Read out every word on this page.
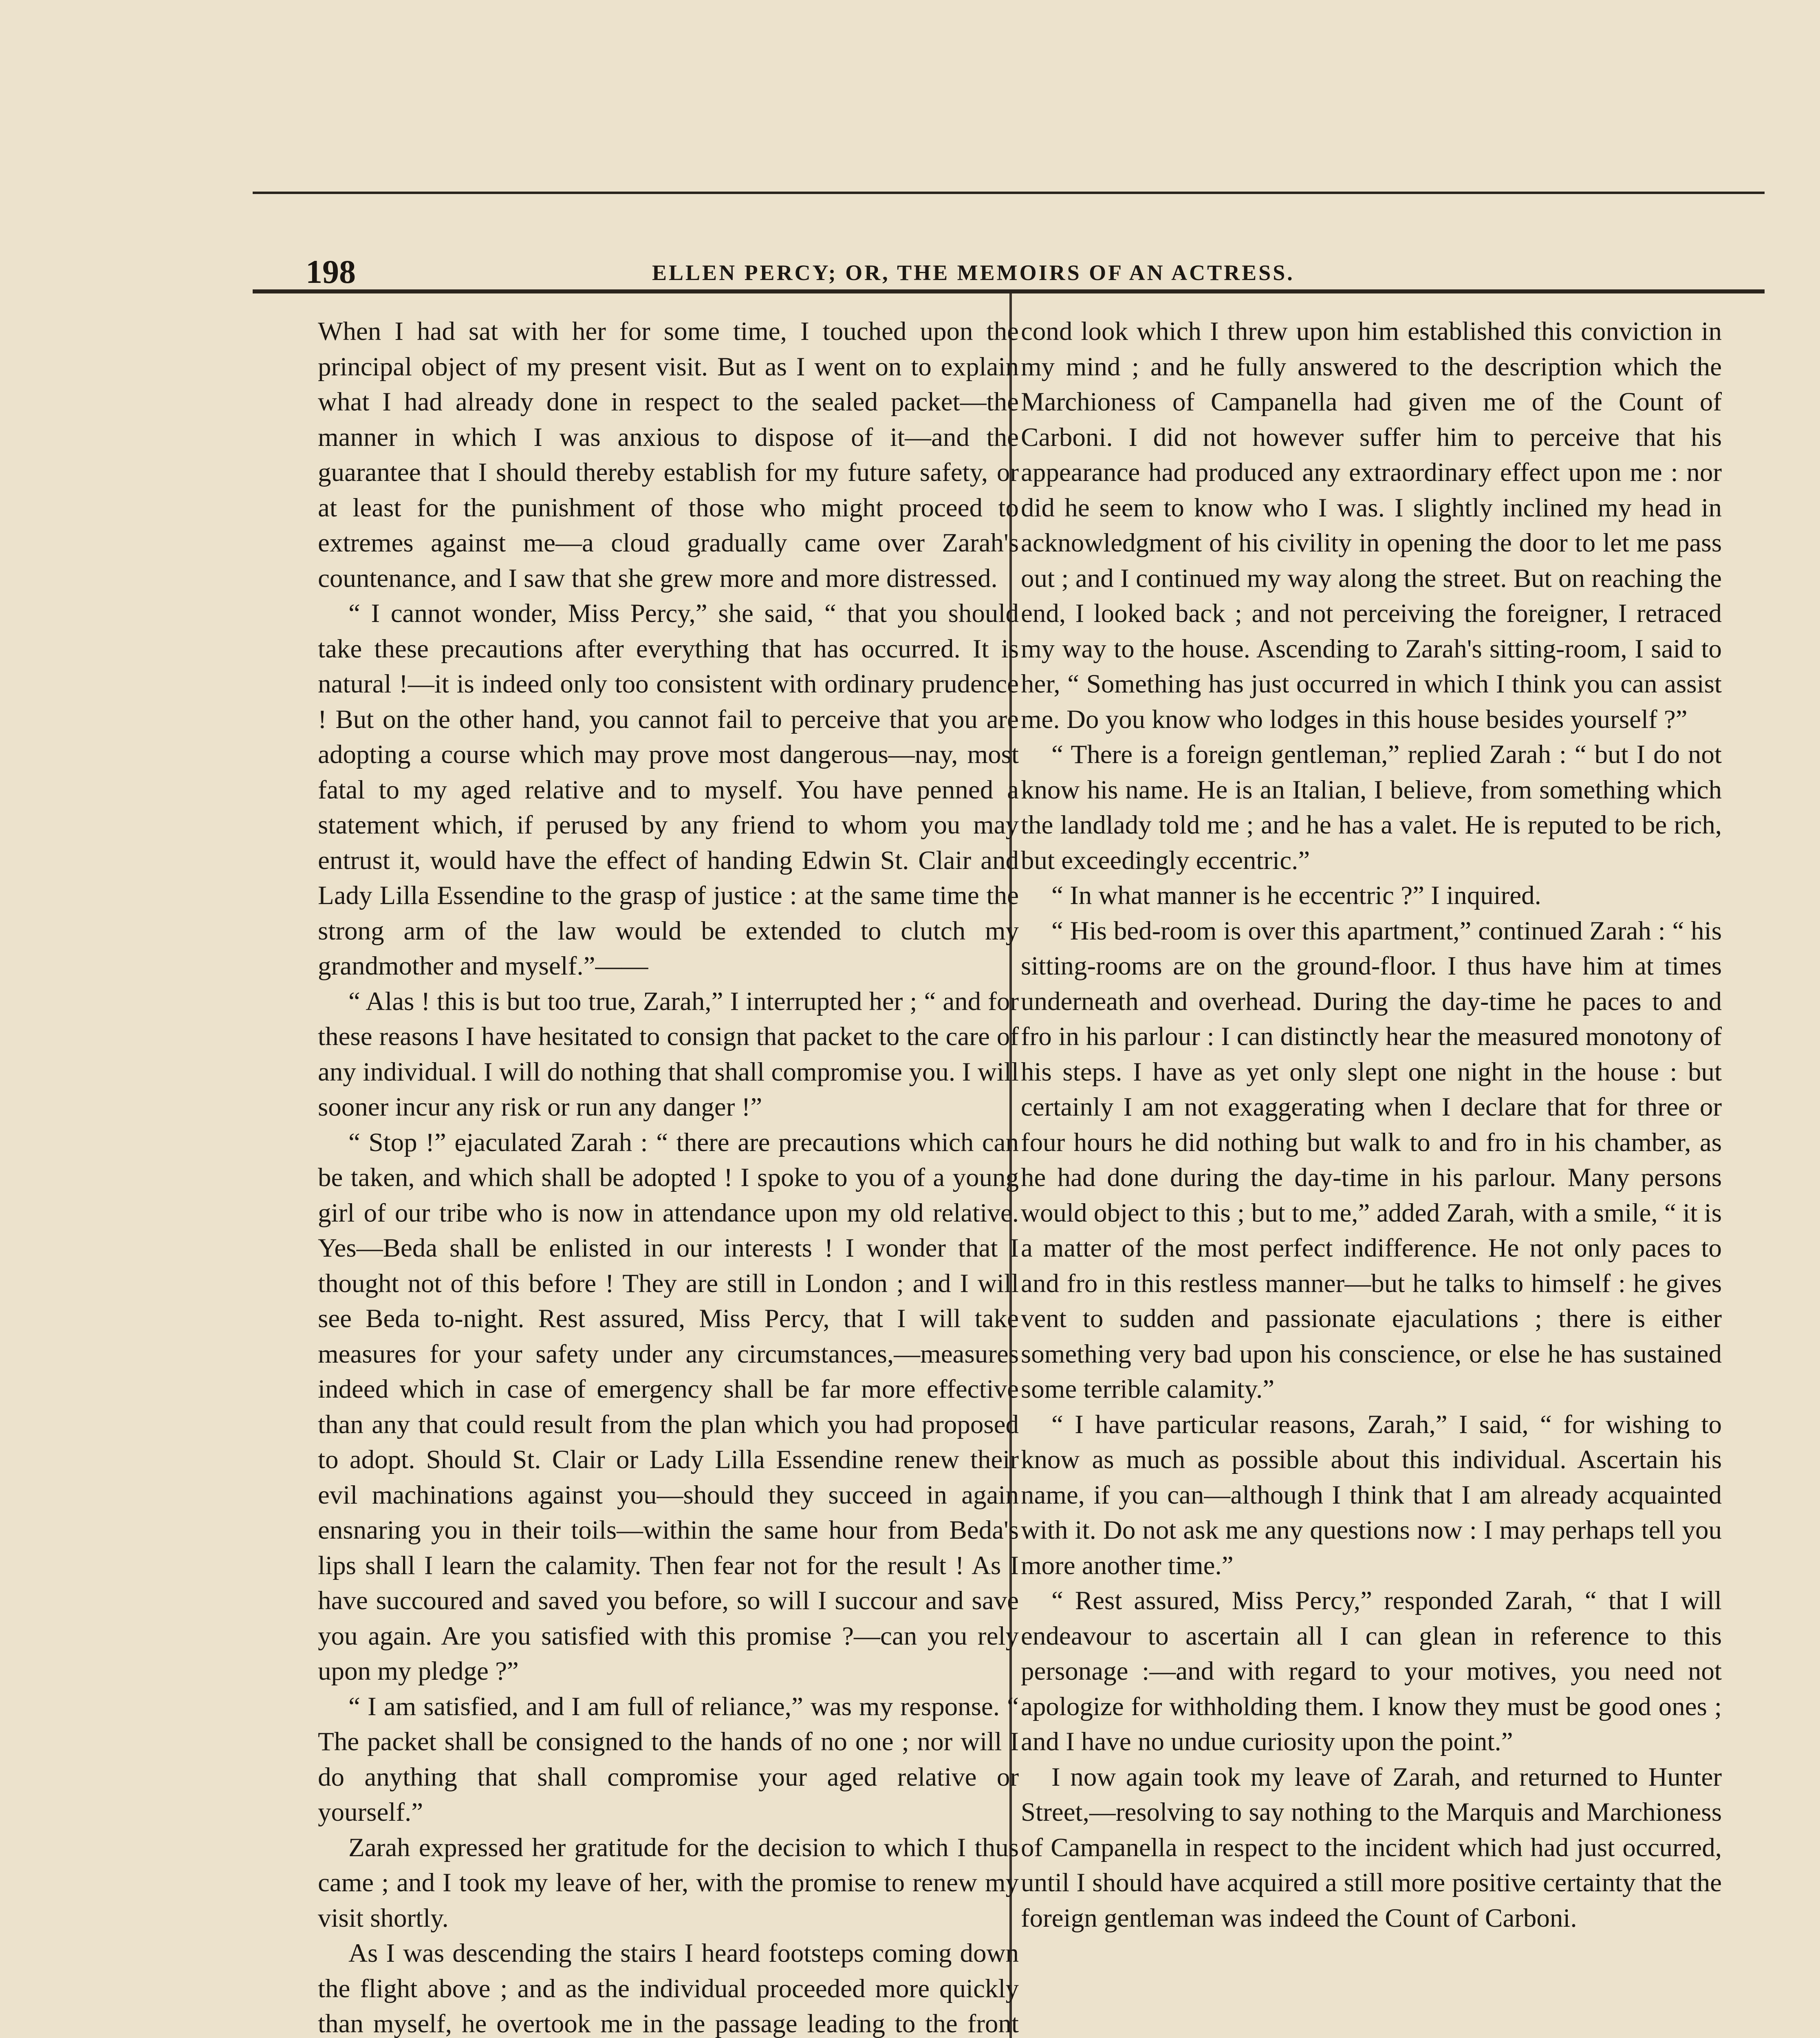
198	ELLEN PERCY; OR, THE MEMOIRS OF AN ACTRESS.

When I had sat with her for some time, I touched upon the principal object of my present visit. But as I went on to explain what I had already done in respect to the sealed packet—the manner in which I was anxious to dispose of it—and the guarantee that I should thereby establish for my future safety, or at least for the punishment of those who might proceed to extremes against me—a cloud gradually came over Zarah's countenance, and I saw that she grew more and more distressed.

“ I cannot wonder, Miss Percy,” she said, “ that you should take these precautions after everything that has occurred. It is natural !—it is indeed only too consistent with ordinary prudence ! But on the other hand, you cannot fail to perceive that you are adopting a course which may prove most dangerous—nay, most fatal to my aged relative and to myself. You have penned a statement which, if perused by any friend to whom you may entrust it, would have the effect of handing Edwin St. Clair and Lady Lilla Essendine to the grasp of justice : at the same time the strong arm of the law would be extended to clutch my grandmother and myself.”——

“ Alas ! this is but too true, Zarah,” I interrupted her ; “ and for these reasons I have hesitated to consign that packet to the care of any individual. I will do nothing that shall compromise you. I will sooner incur any risk or run any danger !”

“ Stop !” ejaculated Zarah : “ there are precautions which can be taken, and which shall be adopted ! I spoke to you of a young girl of our tribe who is now in attendance upon my old relative. Yes—Beda shall be enlisted in our interests ! I wonder that I thought not of this before ! They are still in London ; and I will see Beda to-night. Rest assured, Miss Percy, that I will take measures for your safety under any circumstances,—measures indeed which in case of emergency shall be far more effective than any that could result from the plan which you had proposed to adopt. Should St. Clair or Lady Lilla Essendine renew their evil machinations against you—should they succeed in again ensnaring you in their toils—within the same hour from Beda's lips shall I learn the calamity. Then fear not for the result ! As I have succoured and saved you before, so will I succour and save you again. Are you satisfied with this promise ?—can you rely upon my pledge ?”

“ I am satisfied, and I am full of reliance,” was my response. “ The packet shall be consigned to the hands of no one ; nor will I do anything that shall compromise your aged relative or yourself.”

Zarah expressed her gratitude for the decision to which I thus came ; and I took my leave of her, with the promise to renew my visit shortly.

As I was descending the stairs I heard footsteps coming down the flight above ; and as the individual proceeded more quickly than myself, he overtook me in the passage leading to the front

cond look which I threw upon him established this conviction in my mind ; and he fully answered to the description which the Marchioness of Campanella had given me of the Count of Carboni. I did not however suffer him to perceive that his appearance had produced any extraordinary effect upon me : nor did he seem to know who I was. I slightly inclined my head in acknowledgment of his civility in opening the door to let me pass out ; and I continued my way along the street. But on reaching the end, I looked back ; and not perceiving the foreigner, I retraced my way to the house. Ascending to Zarah's sitting-room, I said to her, “ Something has just occurred in which I think you can assist me. Do you know who lodges in this house besides yourself ?”

“ There is a foreign gentleman,” replied Zarah : “ but I do not know his name. He is an Italian, I believe, from something which the landlady told me ; and he has a valet. He is reputed to be rich, but exceedingly eccentric.”

“ In what manner is he eccentric ?” I inquired.

“ His bed-room is over this apartment,” continued Zarah : “ his sitting-rooms are on the ground-floor. I thus have him at times underneath and overhead. During the day-time he paces to and fro in his parlour : I can distinctly hear the measured monotony of his steps. I have as yet only slept one night in the house : but certainly I am not exaggerating when I declare that for three or four hours he did nothing but walk to and fro in his chamber, as he had done during the day-time in his parlour. Many persons would object to this ; but to me,” added Zarah, with a smile, “ it is a matter of the most perfect indifference. He not only paces to and fro in this restless manner—but he talks to himself : he gives vent to sudden and passionate ejaculations ; there is either something very bad upon his conscience, or else he has sustained some terrible calamity.”

“ I have particular reasons, Zarah,” I said, “ for wishing to know as much as possible about this individual. Ascertain his name, if you can—although I think that I am already acquainted with it. Do not ask me any questions now : I may perhaps tell you more another time.”

“ Rest assured, Miss Percy,” responded Zarah, “ that I will endeavour to ascertain all I can glean in reference to this personage :—and with regard to your motives, you need not apologize for withholding them. I know they must be good ones ; and I have no undue curiosity upon the point.”

I now again took my leave of Zarah, and returned to Hunter Street,—resolving to say nothing to the Marquis and Marchioness of Campanella in respect to the incident which had just occurred, until I should have acquired a still more positive certainty that the foreign gentleman was indeed the Count of Carboni.
